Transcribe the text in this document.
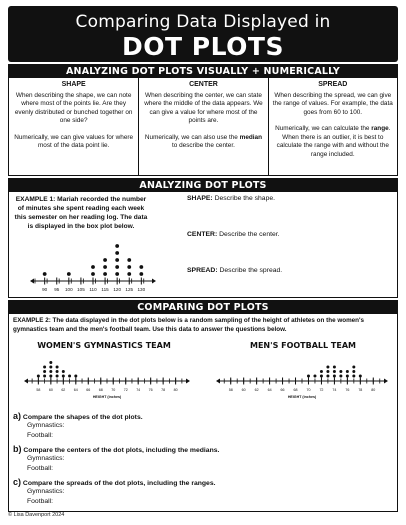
Comparing Data Displayed in
DOT PLOTS
ANALYZING DOT PLOTS VISUALLY + NUMERICALLY
SHAPE

When describing the shape, we can note where most of the points lie. Are they evenly distributed or bunched together on one side?

Numerically, we can give values for where most of the data point lie.

CENTER

When describing the center, we can state where the middle of the data appears. We can give a value for where most of the points are.

Numerically, we can also use the median to describe the center.

SPREAD

When describing the spread, we can give the range of values. For example, the data goes from 60 to 100.

Numerically, we can calculate the range. When there is an outlier, it is best to calculate the range with and without the range included.

ANALYZING DOT PLOTS
EXAMPLE 1: Mariah recorded the number of minutes she spent reading each week this semester on her reading log. The data is displayed in the box plot below.
SHAPE: Describe the shape.
CENTER: Describe the center.
SPREAD: Describe the spread.
90 95 100 105 110 115 120 125 130
COMPARING DOT PLOTS
EXAMPLE 2: The data displayed in the dot plots below is a random sampling of the height of athletes on the women's gymnastics team and the men's football team. Use this data to answer the questions below.
WOMEN'S GYMNASTICS TEAM	MEN'S FOOTBALL TEAM
58 60 62 64 66 68 70 72 74 76 78 80
HEIGHT (inches)
58 60 62 64 66 68 70 72 74 76 78 80
HEIGHT (inches)
a) Compare the shapes of the dot plots.
Gymnastics:
Football:
b) Compare the centers of the dot plots, including the medians.
Gymnastics:
Football:
c) Compare the spreads of the dot plots, including the ranges.
Gymnastics:
Football:
© Lisa Davenport 2024
